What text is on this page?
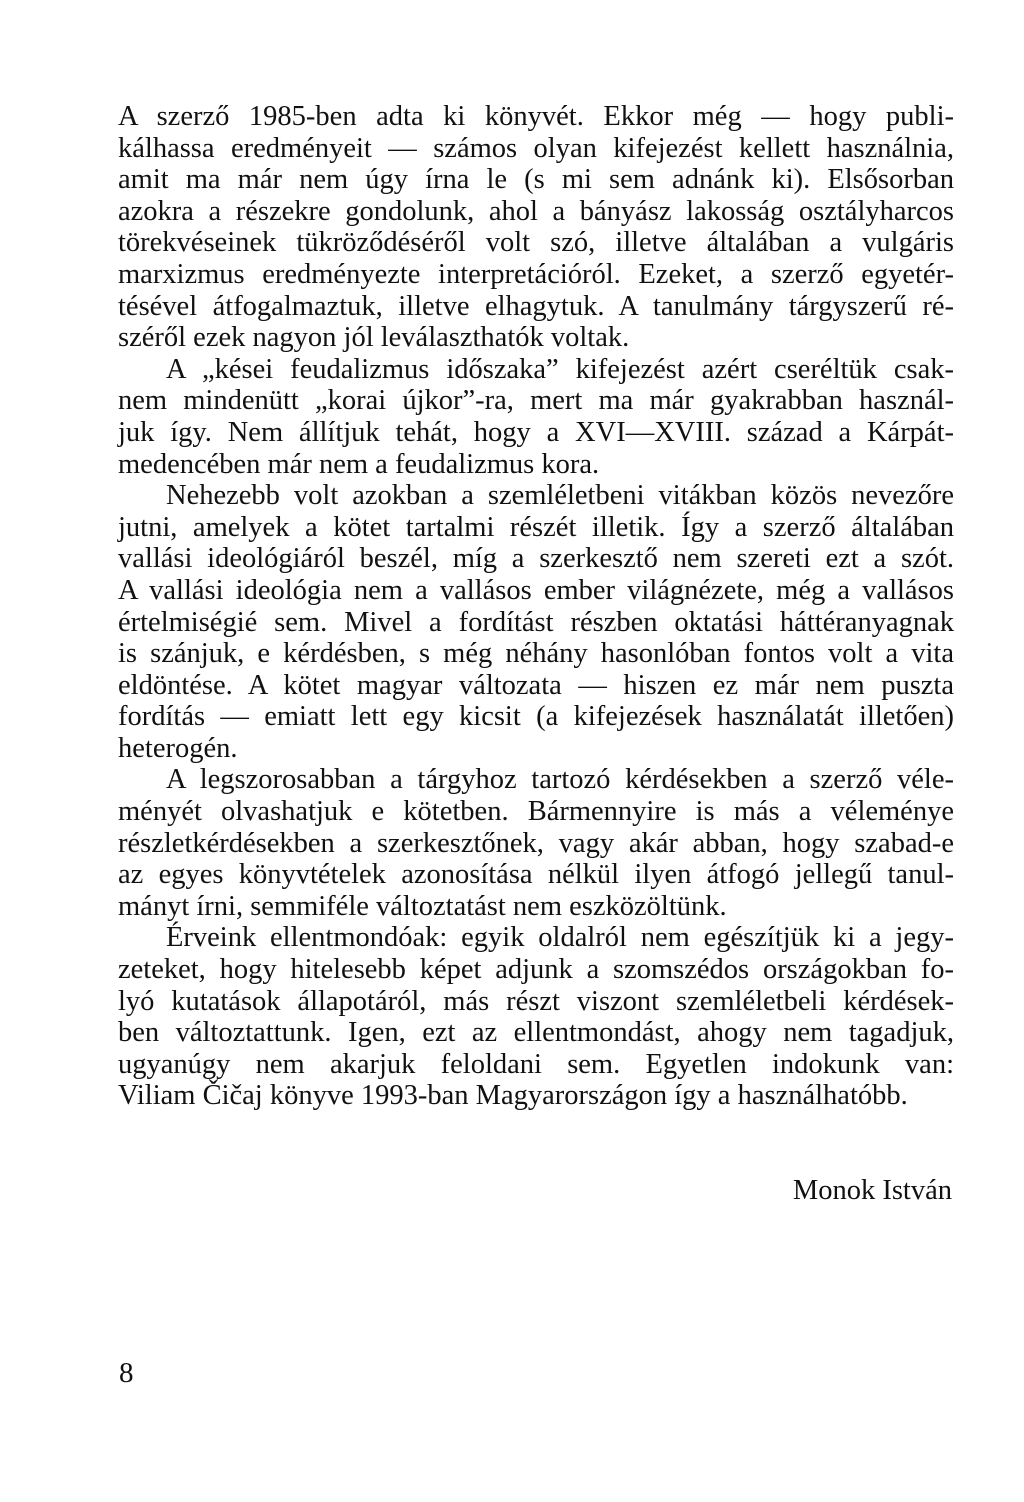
A szerző 1985-ben adta ki könyvét. Ekkor még — hogy publi-
kálhassa eredményeit — számos olyan kifejezést kellett használnia,
amit ma már nem úgy írna le (s mi sem adnánk ki). Elsősorban
azokra a részekre gondolunk, ahol a bányász lakosság osztályharcos
törekvéseinek tükröződéséről volt szó, illetve általában a vulgáris
marxizmus eredményezte interpretációról. Ezeket, a szerző egyetér-
tésével átfogalmaztuk, illetve elhagytuk. A tanulmány tárgyszerű ré-
széről ezek nagyon jól leválaszthatók voltak.
A „kései feudalizmus időszaka” kifejezést azért cseréltük csak-
nem mindenütt „korai újkor”-ra, mert ma már gyakrabban használ-
juk így. Nem állítjuk tehát, hogy a XVI—XVIII. század a Kárpát-
medencében már nem a feudalizmus kora.
Nehezebb volt azokban a szemléletbeni vitákban közös nevezőre
jutni, amelyek a kötet tartalmi részét illetik. Így a szerző általában
vallási ideológiáról beszél, míg a szerkesztő nem szereti ezt a szót.
A vallási ideológia nem a vallásos ember világnézete, még a vallásos
értelmiségié sem. Mivel a fordítást részben oktatási háttéranyagnak
is szánjuk, e kérdésben, s még néhány hasonlóban fontos volt a vita
eldöntése. A kötet magyar változata — hiszen ez már nem puszta
fordítás — emiatt lett egy kicsit (a kifejezések használatát illetően)
heterogén.
A legszorosabban a tárgyhoz tartozó kérdésekben a szerző véle-
ményét olvashatjuk e kötetben. Bármennyire is más a véleménye
részletkérdésekben a szerkesztőnek, vagy akár abban, hogy szabad-e
az egyes könyvtételek azonosítása nélkül ilyen átfogó jellegű tanul-
mányt írni, semmiféle változtatást nem eszközöltünk.
Érveink ellentmondóak: egyik oldalról nem egészítjük ki a jegy-
zeteket, hogy hitelesebb képet adjunk a szomszédos országokban fo-
lyó kutatások állapotáról, más részt viszont szemléletbeli kérdések-
ben változtattunk. Igen, ezt az ellentmondást, ahogy nem tagadjuk,
ugyanúgy nem akarjuk feloldani sem. Egyetlen indokunk van:
Viliam Čičaj könyve 1993-ban Magyarországon így a használhatóbb.
Monok István
8
